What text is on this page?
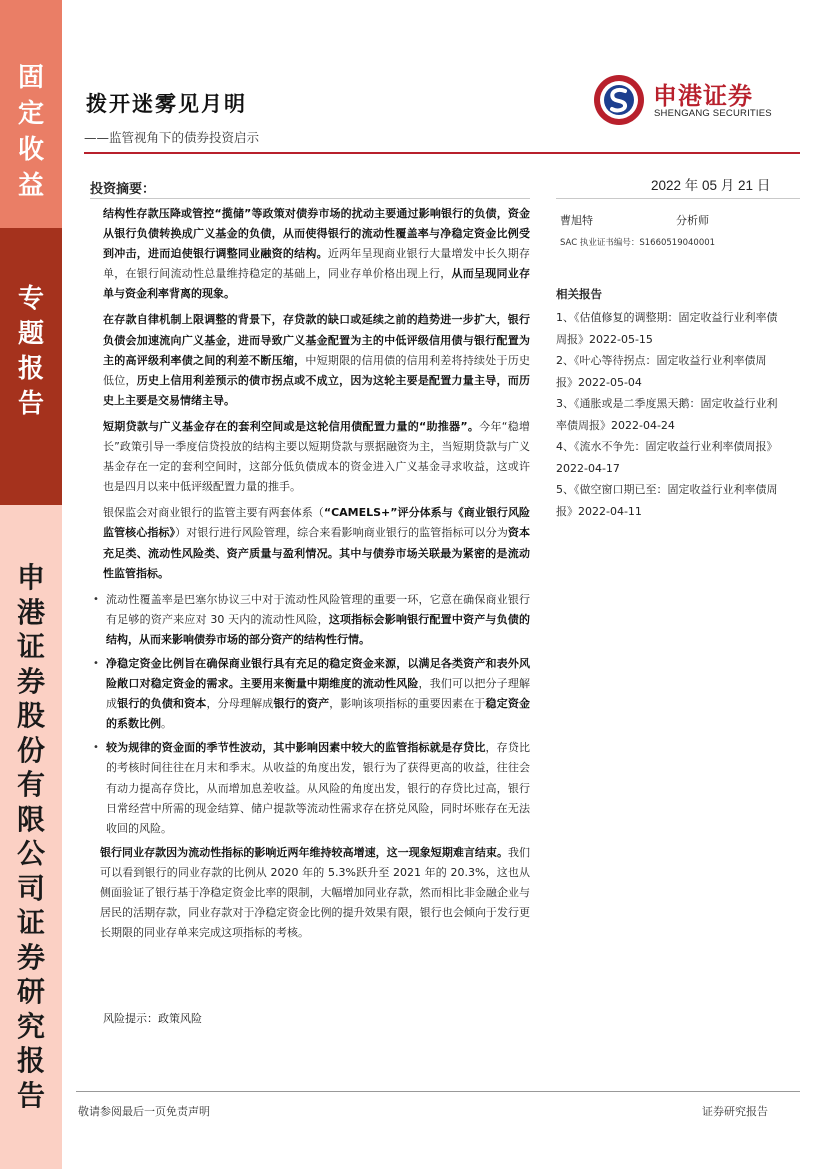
固
定
收
益
专
题
报
告
申
港
证
券
股
份
有
限
公
司
证
券
研
究
报
告
拨开迷雾见月明
——监管视角下的债券投资启示
申港证券
SHENGANG SECURITIES
投资摘要：	2022 年 05 月 21 日

结构性存款压降或管控“揽储”等政策对债券市场的扰动主要通过影响银行的负债，资金从银行负债转换成广义基金的负债，从而使得银行的流动性覆盖率与净稳定资金比例受到冲击，进而迫使银行调整同业融资的结构。近两年呈现商业银行大量增发中长久期存单，在银行间流动性总量维持稳定的基础上，同业存单价格出现上行，从而呈现同业存单与资金利率背离的现象。

在存款自律机制上限调整的背景下，存贷款的缺口或延续之前的趋势进一步扩大，银行负债会加速流向广义基金，进而导致广义基金配置为主的中低评级信用债与银行配置为主的高评级利率债之间的利差不断压缩，中短期限的信用债的信用利差将持续处于历史低位，历史上信用利差预示的债市拐点或不成立，因为这轮主要是配置力量主导，而历史上主要是交易情绪主导。

短期贷款与广义基金存在的套利空间或是这轮信用债配置力量的“助推器”。今年“稳增长”政策引导一季度信贷投放的结构主要以短期贷款与票据融资为主，当短期贷款与广义基金存在一定的套利空间时，这部分低负债成本的资金进入广义基金寻求收益，这或许也是四月以来中低评级配置力量的推手。

银保监会对商业银行的监管主要有两套体系（“CAMELS+”评分体系与《商业银行风险监管核心指标》）对银行进行风险管理，综合来看影响商业银行的监管指标可以分为资本充足类、流动性风险类、资产质量与盈利情况。其中与债券市场关联最为紧密的是流动性监管指标。

• 流动性覆盖率是巴塞尔协议三中对于流动性风险管理的重要一环，它意在确保商业银行有足够的资产来应对 30 天内的流动性风险，这项指标会影响银行配置中资产与负债的结构，从而来影响债券市场的部分资产的结构性行情。
• 净稳定资金比例旨在确保商业银行具有充足的稳定资金来源，以满足各类资产和表外风险敞口对稳定资金的需求。主要用来衡量中期维度的流动性风险，我们可以把分子理解成银行的负债和资本，分母理解成银行的资产，影响该项指标的重要因素在于稳定资金的系数比例。
• 较为规律的资金面的季节性波动，其中影响因素中较大的监管指标就是存贷比，存贷比的考核时间往往在月末和季末。从收益的角度出发，银行为了获得更高的收益，往往会有动力提高存贷比，从而增加息差收益。从风险的角度出发，银行的存贷比过高，银行日常经营中所需的现金结算、储户提款等流动性需求存在挤兑风险，同时坏账存在无法收回的风险。

银行同业存款因为流动性指标的影响近两年维持较高增速，这一现象短期难言结束。我们可以看到银行的同业存款的比例从 2020 年的 5.3%跃升至 2021 年的 20.3%，这也从侧面验证了银行基于净稳定资金比率的限制，大幅增加同业存款，然而相比非金融企业与居民的活期存款，同业存款对于净稳定资金比例的提升效果有限，银行也会倾向于发行更长期限的同业存单来完成这项指标的考核。

风险提示：政策风险
曹旭特	分析师
SAC 执业证书编号：S1660519040001
相关报告
1、《估值修复的调整期：固定收益行业利率债周报》2022-05-15
2、《叶心等待拐点：固定收益行业利率债周报》2022-05-04
3、《通胀或是二季度黑天鹅：固定收益行业利率债周报》2022-04-24
4、《流水不争先：固定收益行业利率债周报》2022-04-17
5、《做空窗口期已至：固定收益行业利率债周报》2022-04-11
敬请参阅最后一页免责声明	证券研究报告
